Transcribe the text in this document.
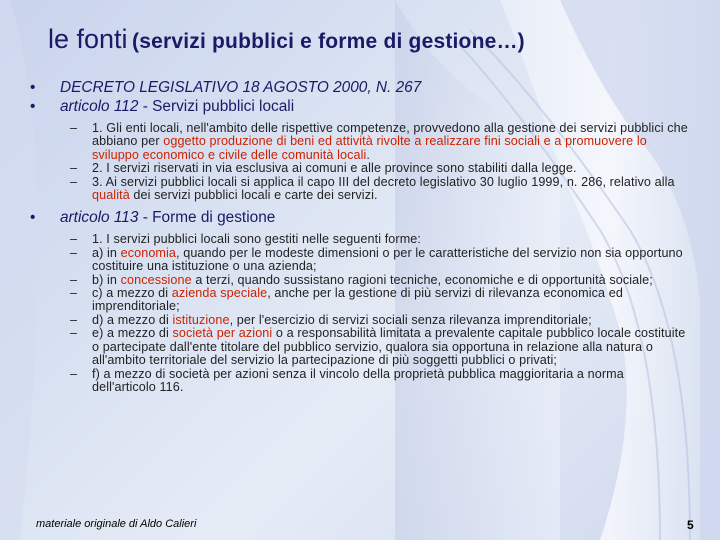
le fonti (servizi pubblici e forme di gestione…)
• DECRETO LEGISLATIVO 18 AGOSTO 2000, N. 267
• articolo 112 - Servizi pubblici locali
– 1. Gli enti locali, nell'ambito delle rispettive competenze, provvedono alla gestione dei servizi pubblici che abbiano per oggetto produzione di beni ed attività rivolte a realizzare fini sociali e a promuovere lo sviluppo economico e civile delle comunità locali.
– 2. I servizi riservati in via esclusiva ai comuni e alle province sono stabiliti dalla legge.
– 3. Ai servizi pubblici locali si applica il capo III del decreto legislativo 30 luglio 1999, n. 286, relativo alla qualità dei servizi pubblici locali e carte dei servizi.
• articolo 113 - Forme di gestione
– 1. I servizi pubblici locali sono gestiti nelle seguenti forme:
– a) in economia, quando per le modeste dimensioni o per le caratteristiche del servizio non sia opportuno costituire una istituzione o una azienda;
– b) in concessione a terzi, quando sussistano ragioni tecniche, economiche e di opportunità sociale;
– c) a mezzo di azienda speciale, anche per la gestione di più servizi di rilevanza economica ed imprenditoriale;
– d) a mezzo di istituzione, per l'esercizio di servizi sociali senza rilevanza imprenditoriale;
– e) a mezzo di società per azioni o a responsabilità limitata a prevalente capitale pubblico locale costituite o partecipate dall'ente titolare del pubblico servizio, qualora sia opportuna in relazione alla natura o all'ambito territoriale del servizio la partecipazione di più soggetti pubblici o privati;
– f) a mezzo di società per azioni senza il vincolo della proprietà pubblica maggioritaria a norma dell'articolo 116.
materiale originale di Aldo Calieri	5
